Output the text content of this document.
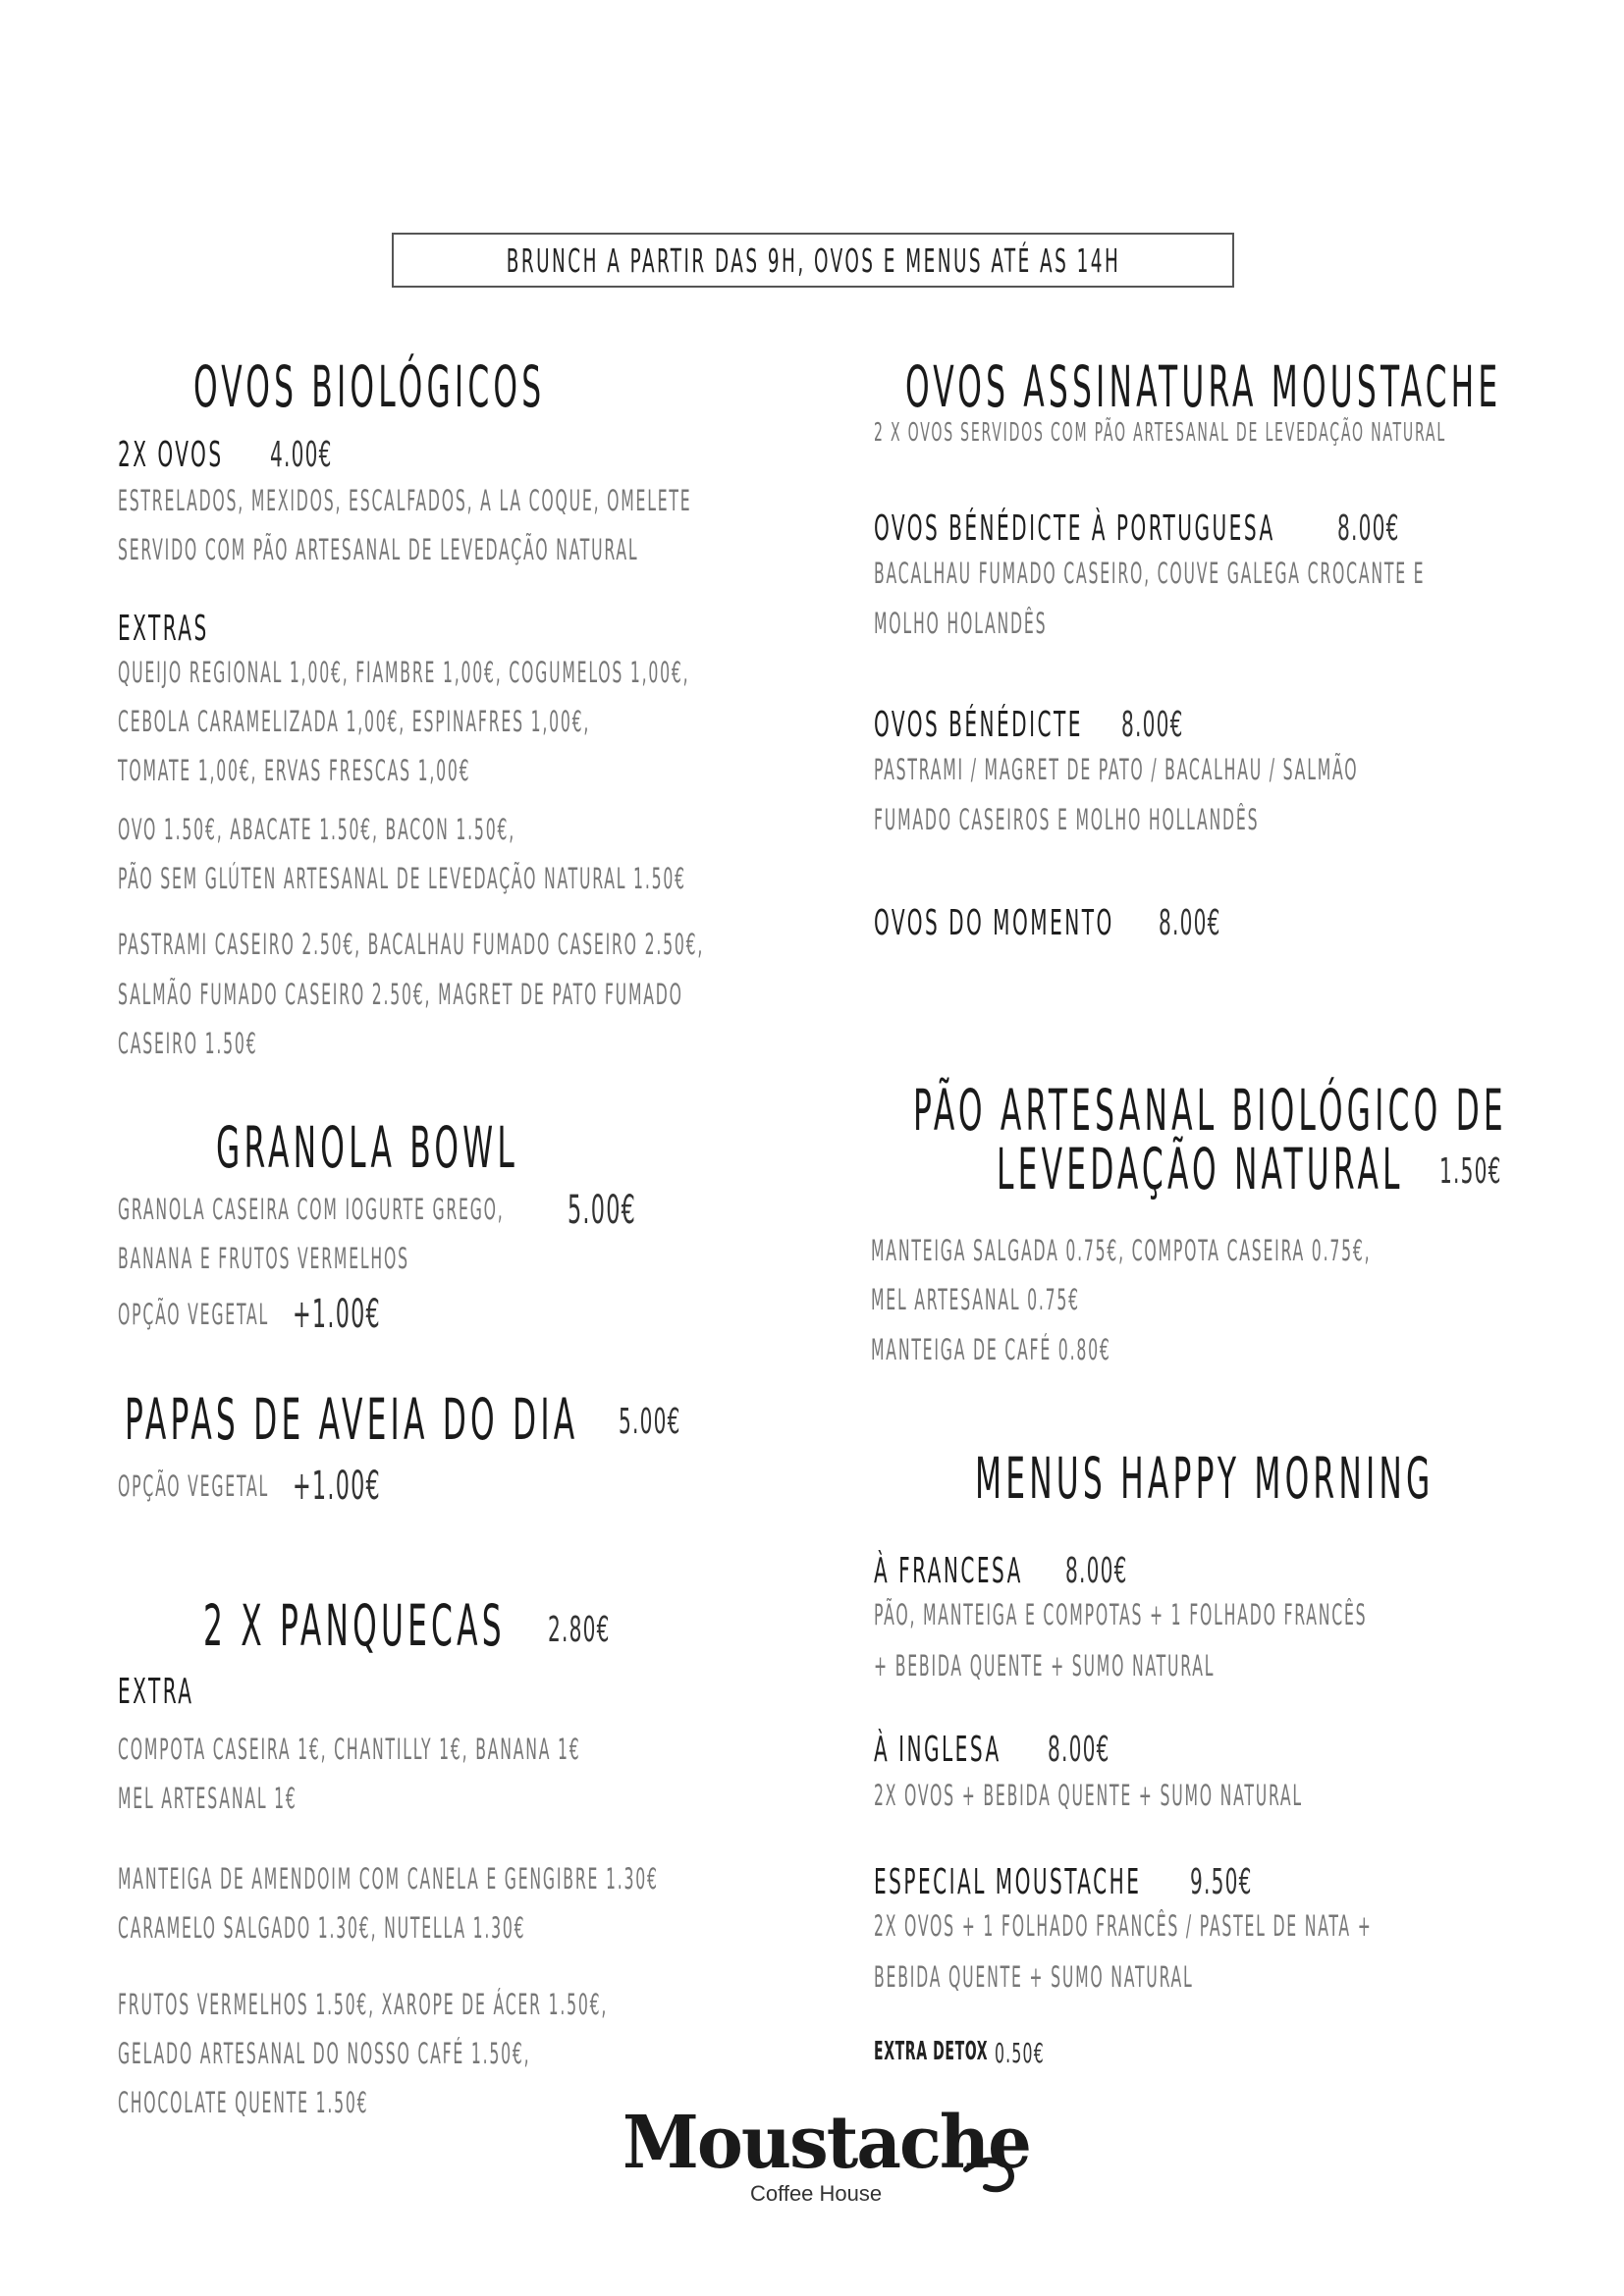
BRUNCH A PARTIR DAS 9H, OVOS E MENUS ATÉ AS 14H
OVOS BIOLÓGICOS
2X OVOS 4.00€
ESTRELADOS, MEXIDOS, ESCALFADOS, A LA COQUE, OMELETE
SERVIDO COM PÃO ARTESANAL DE LEVEDAÇÃO NATURAL
EXTRAS
QUEIJO REGIONAL 1,00€, FIAMBRE 1,00€, COGUMELOS 1,00€,
CEBOLA CARAMELIZADA 1,00€, ESPINAFRES 1,00€,
TOMATE 1,00€, ERVAS FRESCAS 1,00€
OVO 1.50€, ABACATE 1.50€, BACON 1.50€,
PÃO SEM GLÚTEN ARTESANAL DE LEVEDAÇÃO NATURAL 1.50€
PASTRAMI CASEIRO 2.50€, BACALHAU FUMADO CASEIRO 2.50€,
SALMÃO FUMADO CASEIRO 2.50€, MAGRET DE PATO FUMADO
CASEIRO 1.50€
GRANOLA BOWL
GRANOLA CASEIRA COM IOGURTE GREGO, 5.00€
BANANA E FRUTOS VERMELHOS
OPÇÃO VEGETAL +1.00€
PAPAS DE AVEIA DO DIA 5.00€
OPÇÃO VEGETAL +1.00€
2 X PANQUECAS 2.80€
EXTRA
COMPOTA CASEIRA 1€, CHANTILLY 1€, BANANA 1€
MEL ARTESANAL 1€
MANTEIGA DE AMENDOIM COM CANELA E GENGIBRE 1.30€
CARAMELO SALGADO 1.30€, NUTELLA 1.30€
FRUTOS VERMELHOS 1.50€, XAROPE DE ÁCER 1.50€,
GELADO ARTESANAL DO NOSSO CAFÉ 1.50€,
CHOCOLATE QUENTE 1.50€
OVOS ASSINATURA MOUSTACHE
2 X OVOS SERVIDOS COM PÃO ARTESANAL DE LEVEDAÇÃO NATURAL
OVOS BÉNÉDICTE À PORTUGUESA 8.00€
BACALHAU FUMADO CASEIRO, COUVE GALEGA CROCANTE E
MOLHO HOLANDÊS
OVOS BÉNÉDICTE 8.00€
PASTRAMI / MAGRET DE PATO / BACALHAU / SALMÃO
FUMADO CASEIROS E MOLHO HOLLANDÊS
OVOS DO MOMENTO 8.00€
PÃO ARTESANAL BIOLÓGICO DE
LEVEDAÇÃO NATURAL 1.50€
MANTEIGA SALGADA 0.75€, COMPOTA CASEIRA 0.75€,
MEL ARTESANAL 0.75€
MANTEIGA DE CAFÉ 0.80€
MENUS HAPPY MORNING
À FRANCESA 8.00€
PÃO, MANTEIGA E COMPOTAS + 1 FOLHADO FRANCÊS
+ BEBIDA QUENTE + SUMO NATURAL
À INGLESA 8.00€
2X OVOS + BEBIDA QUENTE + SUMO NATURAL
ESPECIAL MOUSTACHE 9.50€
2X OVOS + 1 FOLHADO FRANCÊS / PASTEL DE NATA +
BEBIDA QUENTE + SUMO NATURAL
EXTRA DETOX 0.50€
Moustache
Coffee House
